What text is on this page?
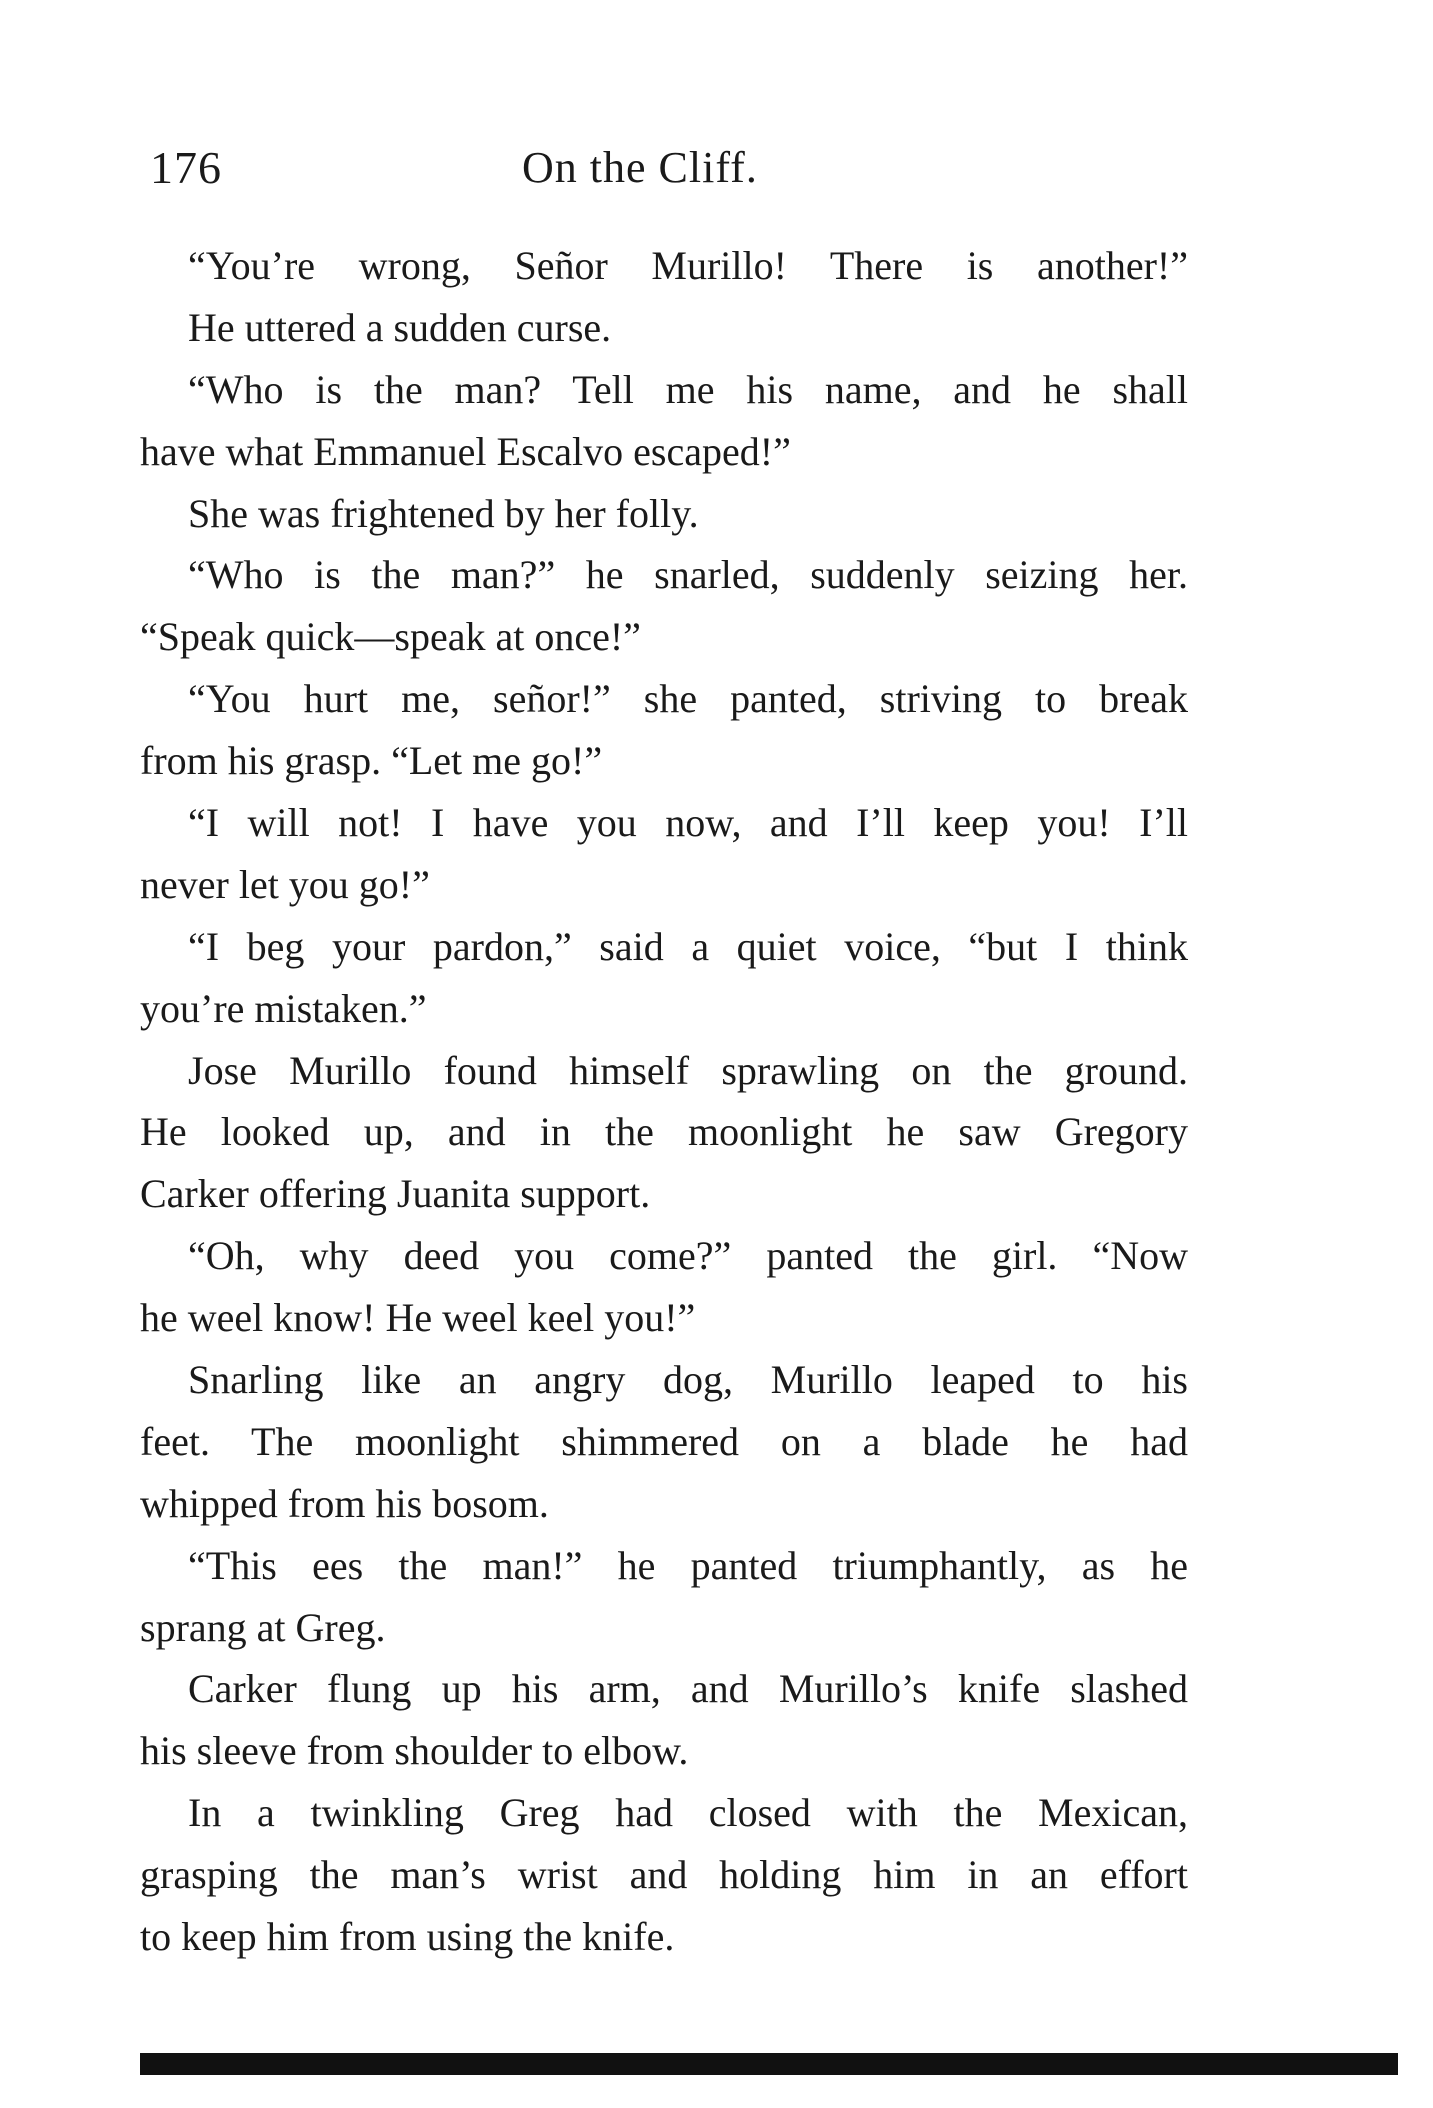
176	On the Cliff.
“You’re wrong, Señor Murillo! There is another!”
He uttered a sudden curse.
“Who is the man? Tell me his name, and he shall
have what Emmanuel Escalvo escaped!”
She was frightened by her folly.
“Who is the man?” he snarled, suddenly seizing her.
“Speak quick—speak at once!”
“You hurt me, señor!” she panted, striving to break
from his grasp. “Let me go!”
“I will not! I have you now, and I’ll keep you! I’ll
never let you go!”
“I beg your pardon,” said a quiet voice, “but I think
you’re mistaken.”
Jose Murillo found himself sprawling on the ground.
He looked up, and in the moonlight he saw Gregory
Carker offering Juanita support.
“Oh, why deed you come?” panted the girl. “Now
he weel know! He weel keel you!”
Snarling like an angry dog, Murillo leaped to his
feet. The moonlight shimmered on a blade he had
whipped from his bosom.
“This ees the man!” he panted triumphantly, as he
sprang at Greg.
Carker flung up his arm, and Murillo’s knife slashed
his sleeve from shoulder to elbow.
In a twinkling Greg had closed with the Mexican,
grasping the man’s wrist and holding him in an effort
to keep him from using the knife.
